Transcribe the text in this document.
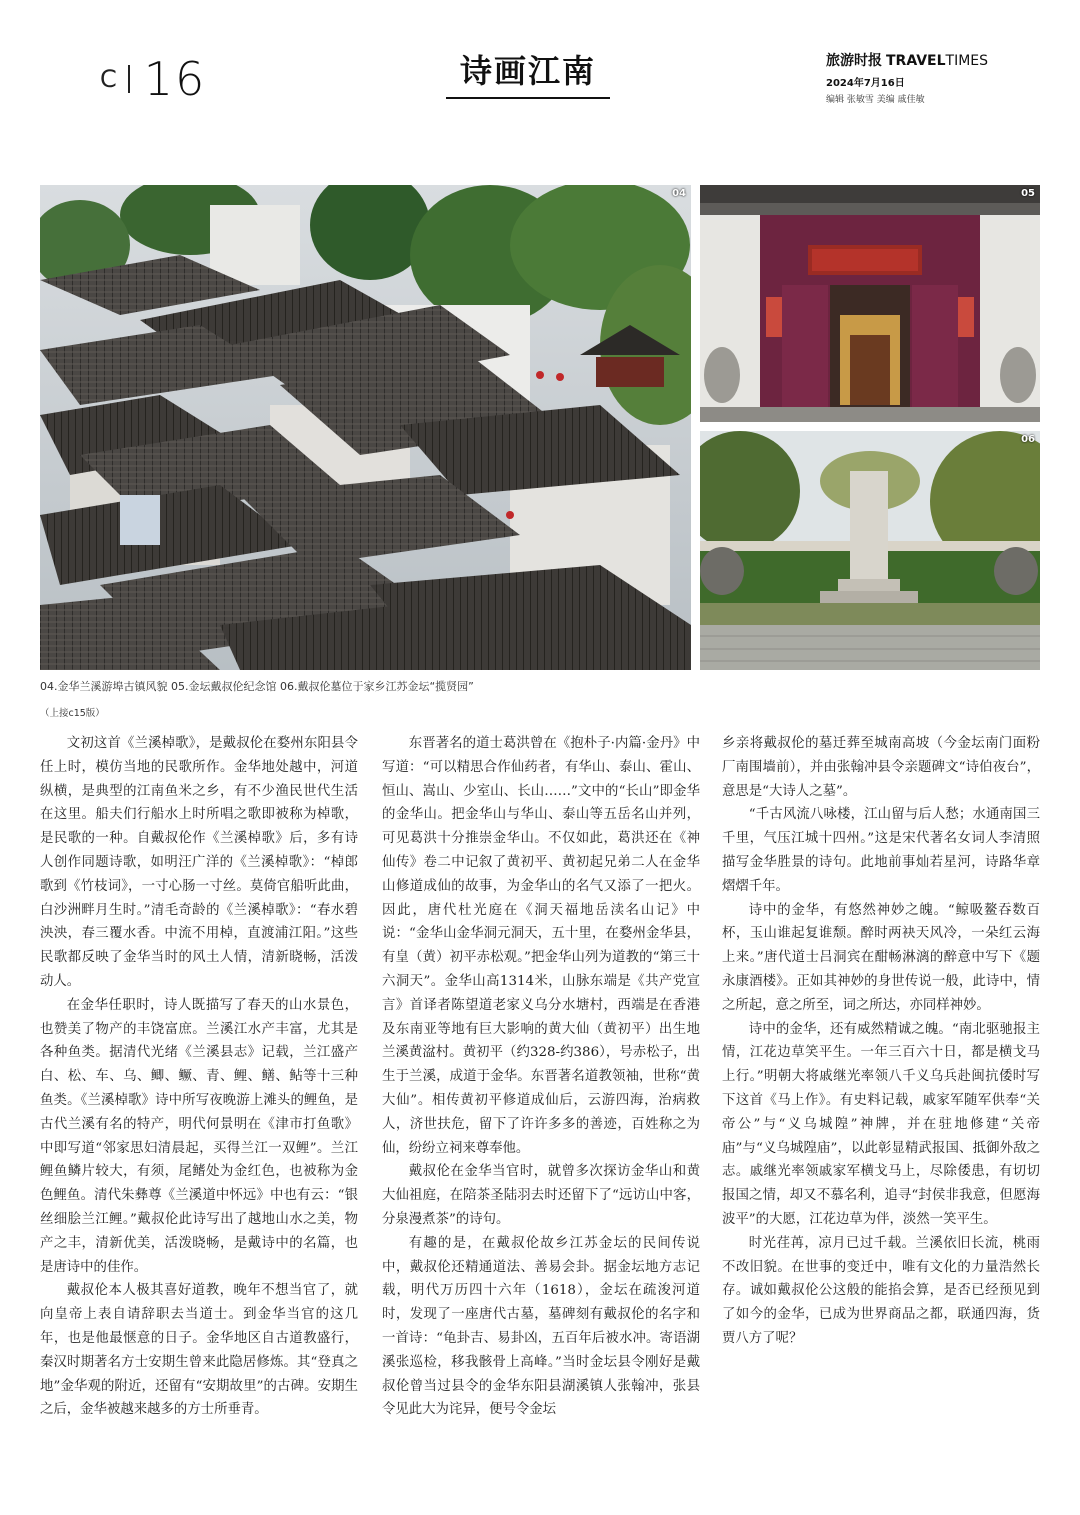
C 16	诗画江南	旅游时报 TRAVEL TIMES
2024年7月16日
编辑 张敏雪 美编 戚佳敏
04	05
06
04.金华兰溪游埠古镇风貌 05.金坛戴叔伦纪念馆 06.戴叔伦墓位于家乡江苏金坛“揽贤园”
（上接c15版）

文初这首《兰溪棹歌》，是戴叔伦在婺州东阳县令任上时，模仿当地的民歌所作。金华地处越中，河道纵横，是典型的江南鱼米之乡，有不少渔民世代生活在这里。船夫们行船水上时所唱之歌即被称为棹歌，是民歌的一种。自戴叔伦作《兰溪棹歌》后，多有诗人创作同题诗歌，如明汪广洋的《兰溪棹歌》：“棹郎歌到《竹枝词》，一寸心肠一寸丝。莫倚官船听此曲，白沙洲畔月生时。”清毛奇龄的《兰溪棹歌》：“春水碧泱泱，春三覆水香。中流不用棹，直渡浦江阳。”这些民歌都反映了金华当时的风土人情，清新晓畅，活泼动人。

在金华任职时，诗人既描写了春天的山水景色，也赞美了物产的丰饶富庶。兰溪江水产丰富，尤其是各种鱼类。据清代光绪《兰溪县志》记载，兰江盛产白、松、车、乌、鲫、鳜、青、鲤、鳝、鲇等十三种鱼类。《兰溪棹歌》诗中所写夜晚游上滩头的鲤鱼，是古代兰溪有名的特产，明代何景明在《津市打鱼歌》中即写道“邻家思妇清晨起，买得兰江一双鲤”。兰江鲤鱼鳞片较大，有须，尾鳍处为金红色，也被称为金色鲤鱼。清代朱彝尊《兰溪道中怀远》中也有云：“银丝细脍兰江鲤。”戴叔伦此诗写出了越地山水之美，物产之丰，清新优美，活泼晓畅，是戴诗中的名篇，也是唐诗中的佳作。

戴叔伦本人极其喜好道教，晚年不想当官了，就向皇帝上表自请辞职去当道士。到金华当官的这几年，也是他最惬意的日子。金华地区自古道教盛行，秦汉时期著名方士安期生曾来此隐居修炼。其“登真之地”金华观的附近，还留有“安期故里”的古碑。安期生之后，金华被越来越多的方士所垂青。

东晋著名的道士葛洪曾在《抱朴子·内篇·金丹》中写道：“可以精思合作仙药者，有华山、泰山、霍山、恒山、嵩山、少室山、长山……”文中的“长山”即金华的金华山。把金华山与华山、泰山等五岳名山并列，可见葛洪十分推崇金华山。不仅如此，葛洪还在《神仙传》卷二中记叙了黄初平、黄初起兄弟二人在金华山修道成仙的故事，为金华山的名气又添了一把火。因此，唐代杜光庭在《洞天福地岳渎名山记》中说：“金华山金华洞元洞天，五十里，在婺州金华县，有皇（黄）初平赤松观。”把金华山列为道教的“第三十六洞天”。金华山高1314米，山脉东端是《共产党宣言》首译者陈望道老家义乌分水塘村，西端是在香港及东南亚等地有巨大影响的黄大仙（黄初平）出生地兰溪黄湓村。黄初平（约328-约386），号赤松子，出生于兰溪，成道于金华。东晋著名道教领袖，世称“黄大仙”。相传黄初平修道成仙后，云游四海，治病救人，济世扶危，留下了许许多多的善迹，百姓称之为仙，纷纷立祠来尊奉他。

戴叔伦在金华当官时，就曾多次探访金华山和黄大仙祖庭，在陪茶圣陆羽去时还留下了“远访山中客，分泉漫煮茶”的诗句。

有趣的是，在戴叔伦故乡江苏金坛的民间传说中，戴叔伦还精通道法、善易会卦。据金坛地方志记载，明代万历四十六年（1618），金坛在疏浚河道时，发现了一座唐代古墓，墓碑刻有戴叔伦的名字和一首诗：“龟卦吉、易卦凶，五百年后被水冲。寄语湖溪张巡检，移我骸骨上高峰。”当时金坛县令刚好是戴叔伦曾当过县令的金华东阳县湖溪镇人张翰冲，张县令见此大为诧异，便号令金坛

乡亲将戴叔伦的墓迁葬至城南高坡（今金坛南门面粉厂南围墙前），并由张翰冲县令亲题碑文“诗伯夜台”，意思是“大诗人之墓”。

“千古风流八咏楼，江山留与后人愁；水通南国三千里，气压江城十四州。”这是宋代著名女词人李清照描写金华胜景的诗句。此地前事灿若星河，诗路华章熠熠千年。

诗中的金华，有悠然神妙之魄。“鲸吸鳌吞数百杯，玉山谁起复谁颓。醉时两袂天风冷，一朵红云海上来。”唐代道士吕洞宾在酣畅淋漓的醉意中写下《题永康酒楼》。正如其神妙的身世传说一般，此诗中，情之所起，意之所至，词之所达，亦同样神妙。

诗中的金华，还有威然精诚之魄。“南北驱驰报主情，江花边草笑平生。一年三百六十日，都是横戈马上行。”明朝大将戚继光率领八千义乌兵赴闽抗倭时写下这首《马上作》。有史料记载，戚家军随军供奉“关帝公”与“义乌城隍”神牌，并在驻地修建“关帝庙”与“义乌城隍庙”，以此彰显精武报国、抵御外敌之志。戚继光率领戚家军横戈马上，尽除倭患，有切切报国之情，却又不慕名利，追寻“封侯非我意，但愿海波平”的大愿，江花边草为伴，淡然一笑平生。

时光荏苒，凉月已过千载。兰溪依旧长流，桃雨不改旧貌。在世事的变迁中，唯有文化的力量浩然长存。诚如戴叔伦公这般的能掐会算，是否已经预见到了如今的金华，已成为世界商品之都，联通四海，货贾八方了呢？
